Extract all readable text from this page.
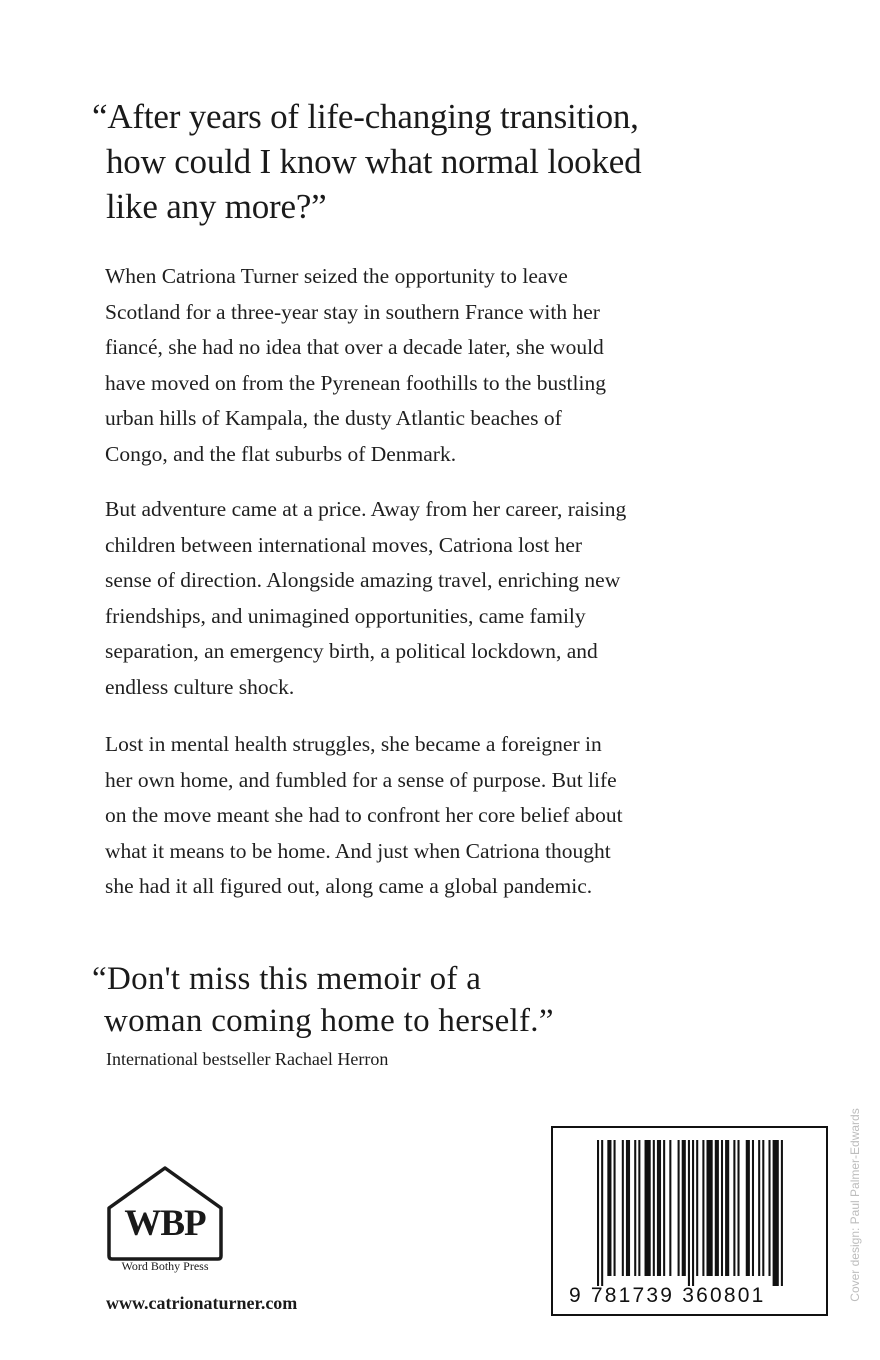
“After years of life-changing transition,
how could I know what normal looked
like any more?”

When Catriona Turner seized the opportunity to leave
Scotland for a three-year stay in southern France with her
fiancé, she had no idea that over a decade later, she would
have moved on from the Pyrenean foothills to the bustling
urban hills of Kampala, the dusty Atlantic beaches of
Congo, and the flat suburbs of Denmark.

But adventure came at a price. Away from her career, raising
children between international moves, Catriona lost her
sense of direction. Alongside amazing travel, enriching new
friendships, and unimagined opportunities, came family
separation, an emergency birth, a political lockdown, and
endless culture shock.

Lost in mental health struggles, she became a foreigner in
her own home, and fumbled for a sense of purpose. But life
on the move meant she had to confront her core belief about
what it means to be home. And just when Catriona thought
she had it all figured out, along came a global pandemic.

“Don't miss this memoir of a
woman coming home to herself.”
International bestseller Rachael Herron
WBP
Word Bothy Press
www.catrionaturner.com	9 781739 360801	Cover design: Paul Palmer-Edwards
